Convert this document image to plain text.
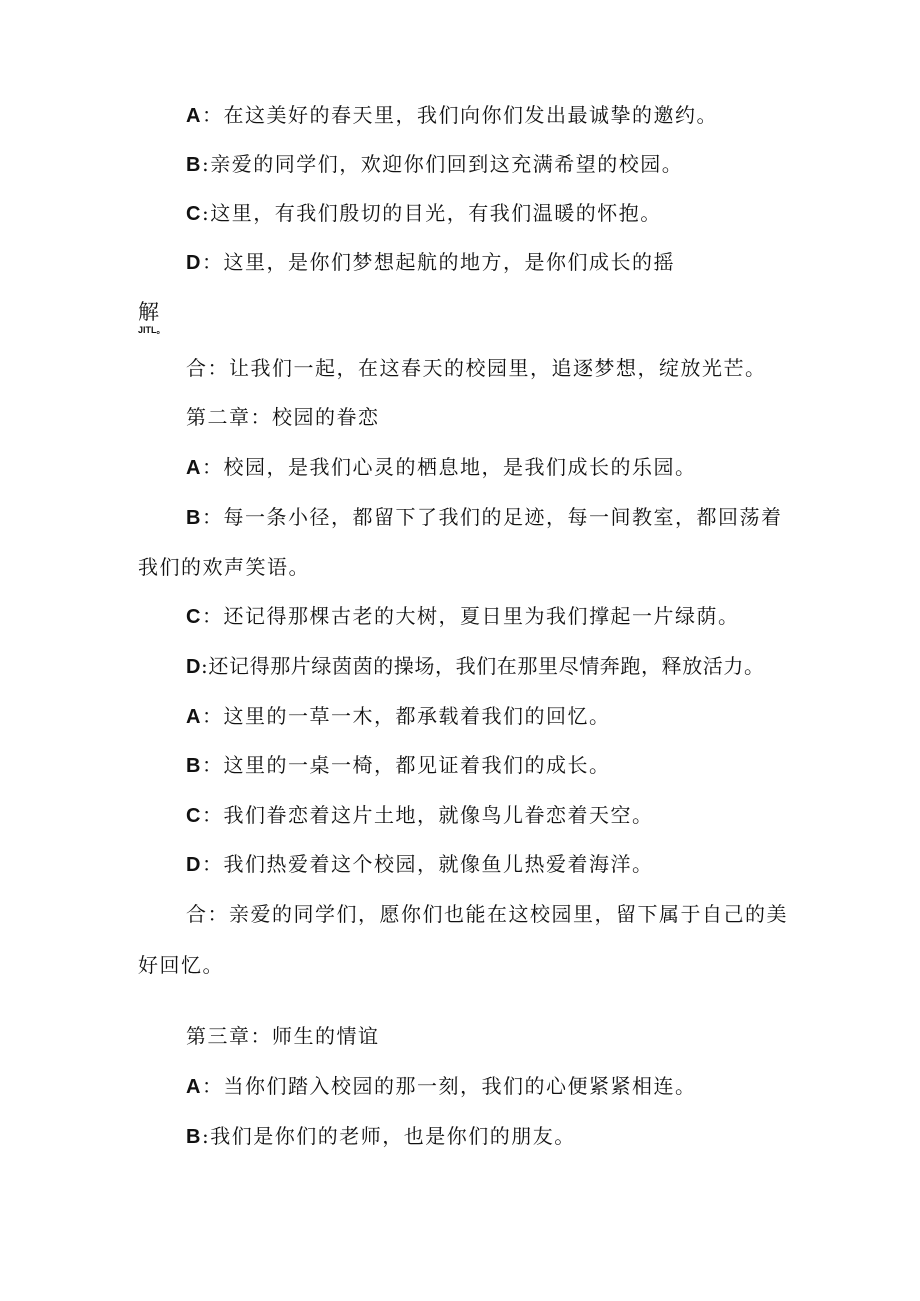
A：在这美好的春天里，我们向你们发出最诚挚的邀约。
B:亲爱的同学们，欢迎你们回到这充满希望的校园。
C:这里，有我们殷切的目光，有我们温暖的怀抱。
D：这里，是你们梦想起航的地方，是你们成长的摇
解
JITL。
合：让我们一起，在这春天的校园里，追逐梦想，绽放光芒。
第二章：校园的眷恋
A：校园，是我们心灵的栖息地，是我们成长的乐园。
B：每一条小径，都留下了我们的足迹，每一间教室，都回荡着
我们的欢声笑语。
C：还记得那棵古老的大树，夏日里为我们撑起一片绿荫。
D:还记得那片绿茵茵的操场，我们在那里尽情奔跑，释放活力。
A：这里的一草一木，都承载着我们的回忆。
B：这里的一桌一椅，都见证着我们的成长。
C：我们眷恋着这片土地，就像鸟儿眷恋着天空。
D：我们热爱着这个校园，就像鱼儿热爱着海洋。
合：亲爱的同学们，愿你们也能在这校园里，留下属于自己的美
好回忆。
第三章：师生的情谊
A：当你们踏入校园的那一刻，我们的心便紧紧相连。
B:我们是你们的老师，也是你们的朋友。
